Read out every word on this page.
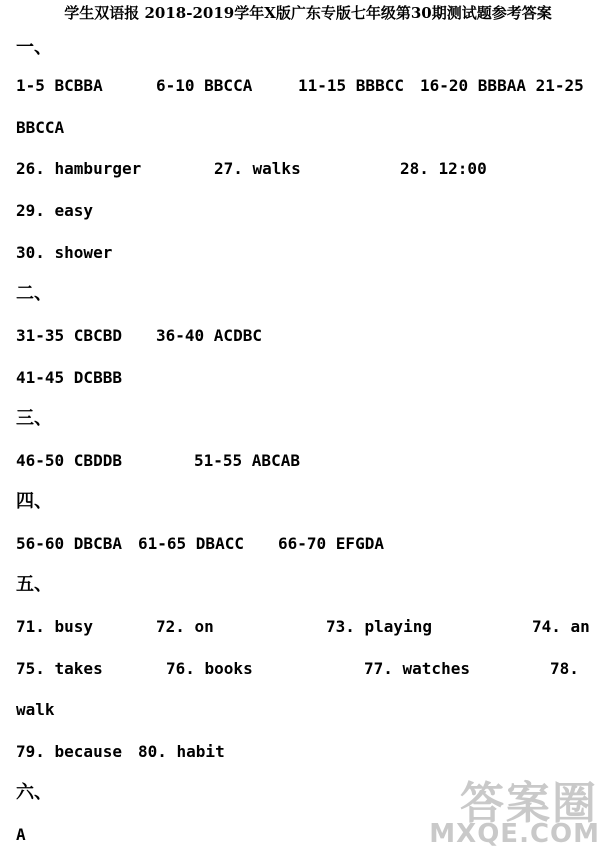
学生双语报 2018-2019学年X版广东专版七年级第30期测试题参考答案
一、
1-5 BCBBA	6-10 BBCCA	11-15 BBBCC 16-20 BBBAA 21-25
BBCCA
26. hamburger	27. walks	28. 12:00
29. easy
30. shower
二、
31-35 CBCBD 36-40 ACDBC
41-45 DCBBB
三、
46-50 CBDDB	51-55 ABCAB
四、
56-60 DBCBA 61-65 DBACC 66-70 EFGDA
五、
71. busy	72. on	73. playing	74. an
75. takes	76. books	77. watches	78.
walk
79. because 80. habit
六、
A
答案圈
MXQE.COM
